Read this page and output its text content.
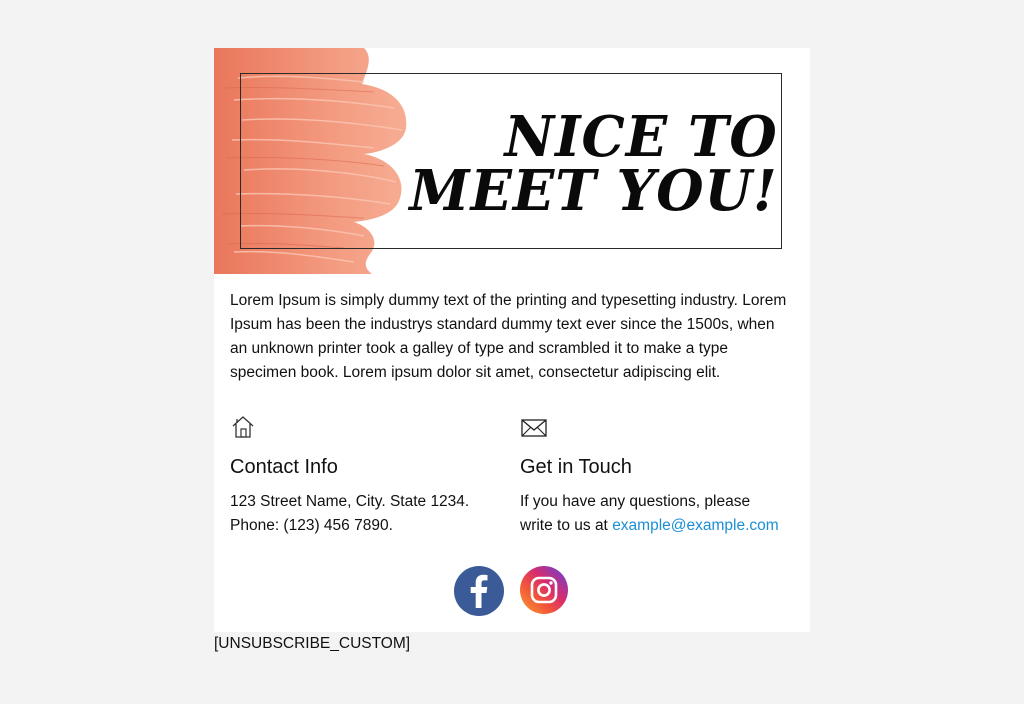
NICE TO
MEET YOU!
Lorem Ipsum is simply dummy text of the printing and typesetting industry. Lorem Ipsum has been the industrys standard dummy text ever since the 1500s, when an unknown printer took a galley of type and scrambled it to make a type specimen book. Lorem ipsum dolor sit amet, consectetur adipiscing elit.
Contact Info
123 Street Name, City. State 1234.
Phone: (123) 456 7890.
Get in Touch
If you have any questions, please
write to us at example@example.com
[UNSUBSCRIBE_CUSTOM]
